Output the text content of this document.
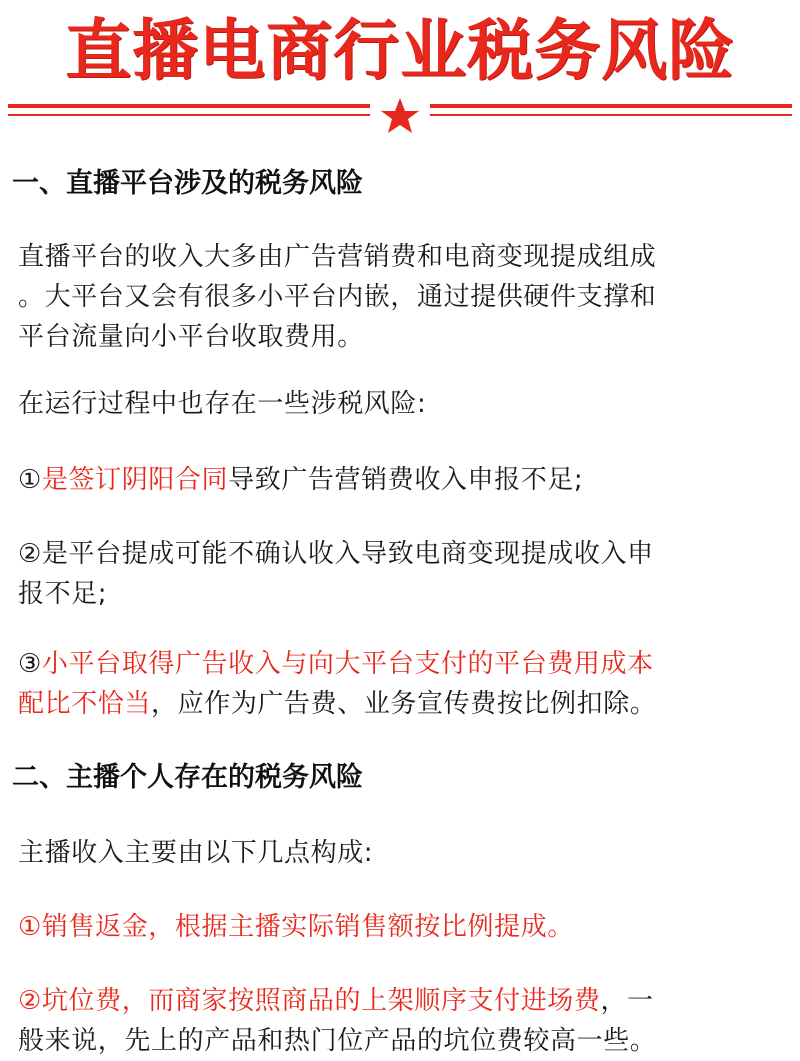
直播电商行业税务风险
一、直播平台涉及的税务风险
直播平台的收入大多由广告营销费和电商变现提成组成
。大平台又会有很多小平台内嵌，通过提供硬件支撑和
平台流量向小平台收取费用。
在运行过程中也存在一些涉税风险:
①是签订阴阳合同导致广告营销费收入申报不足;
②是平台提成可能不确认收入导致电商变现提成收入申
报不足;
③小平台取得广告收入与向大平台支付的平台费用成本
配比不恰当，应作为广告费、业务宣传费按比例扣除。
二、主播个人存在的税务风险
主播收入主要由以下几点构成:
①销售返金，根据主播实际销售额按比例提成。
②坑位费，而商家按照商品的上架顺序支付进场费，一
般来说，先上的产品和热门位产品的坑位费较高一些。
